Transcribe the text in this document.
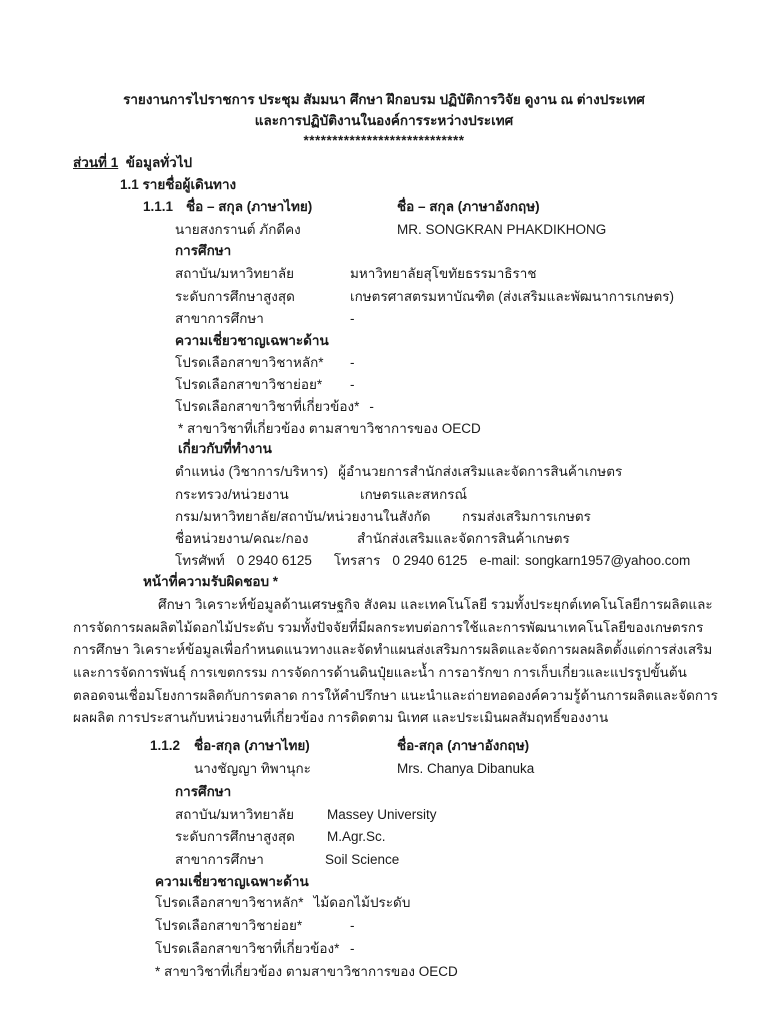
รายงานการไปราชการ ประชุม สัมมนา ศึกษา ฝึกอบรม ปฏิบัติการวิจัย ดูงาน ณ ต่างประเทศ
และการปฏิบัติงานในองค์การระหว่างประเทศ
****************************
ส่วนที่ 1 ข้อมูลทั่วไป
1.1 รายชื่อผู้เดินทาง
1.1.1 ชื่อ – สกุล (ภาษาไทย)	ชื่อ – สกุล (ภาษาอังกฤษ)
นายสงกรานต์ ภักดีคง	MR. SONGKRAN PHAKDIKHONG
การศึกษา
สถาบัน/มหาวิทยาลัย	มหาวิทยาลัยสุโขทัยธรรมาธิราช
ระดับการศึกษาสูงสุด	เกษตรศาสตรมหาบัณฑิต (ส่งเสริมและพัฒนาการเกษตร)
สาขาการศึกษา	-
ความเชี่ยวชาญเฉพาะด้าน
โปรดเลือกสาขาวิชาหลัก*	-
โปรดเลือกสาขาวิชาย่อย*	-
โปรดเลือกสาขาวิชาที่เกี่ยวข้อง* -
* สาขาวิชาที่เกี่ยวข้อง ตามสาขาวิชาการของ OECD
เกี่ยวกับที่ทำงาน
ตำแหน่ง (วิชาการ/บริหาร) ผู้อำนวยการสำนักส่งเสริมและจัดการสินค้าเกษตร
กระทรวง/หน่วยงาน	เกษตรและสหกรณ์
กรม/มหาวิทยาลัย/สถาบัน/หน่วยงานในสังกัด	กรมส่งเสริมการเกษตร
ชื่อหน่วยงาน/คณะ/กอง	สำนักส่งเสริมและจัดการสินค้าเกษตร
โทรศัพท์ 0 2940 6125 โทรสาร 0 2940 6125 e-mail: songkarn1957@yahoo.com
หน้าที่ความรับผิดชอบ *
ศึกษา วิเคราะห์ข้อมูลด้านเศรษฐกิจ สังคม และเทคโนโลยี รวมทั้งประยุกต์เทคโนโลยีการผลิตและ
การจัดการผลผลิตไม้ดอกไม้ประดับ รวมทั้งปัจจัยที่มีผลกระทบต่อการใช้และการพัฒนาเทคโนโลยีของเกษตรกร
การศึกษา วิเคราะห์ข้อมูลเพื่อกำหนดแนวทางและจัดทำแผนส่งเสริมการผลิตและจัดการผลผลิตตั้งแต่การส่งเสริม
และการจัดการพันธุ์ การเขตกรรม การจัดการด้านดินปุ๋ยและน้ำ การอารักขา การเก็บเกี่ยวและแปรรูปขั้นต้น
ตลอดจนเชื่อมโยงการผลิตกับการตลาด การให้คำปรึกษา แนะนำและถ่ายทอดองค์ความรู้ด้านการผลิตและจัดการ
ผลผลิต การประสานกับหน่วยงานที่เกี่ยวข้อง การติดตาม นิเทศ และประเมินผลสัมฤทธิ์ของงาน
1.1.2	ชื่อ-สกุล (ภาษาไทย)	ชื่อ-สกุล (ภาษาอังกฤษ)
นางชัญญา ทิพานุกะ	Mrs. Chanya Dibanuka
การศึกษา
สถาบัน/มหาวิทยาลัย	Massey University
ระดับการศึกษาสูงสุด	M.Agr.Sc.
สาขาการศึกษา	Soil Science
ความเชี่ยวชาญเฉพาะด้าน
โปรดเลือกสาขาวิชาหลัก* ไม้ดอกไม้ประดับ
โปรดเลือกสาขาวิชาย่อย*	-
โปรดเลือกสาขาวิชาที่เกี่ยวข้อง* -
* สาขาวิชาที่เกี่ยวข้อง ตามสาขาวิชาการของ OECD
